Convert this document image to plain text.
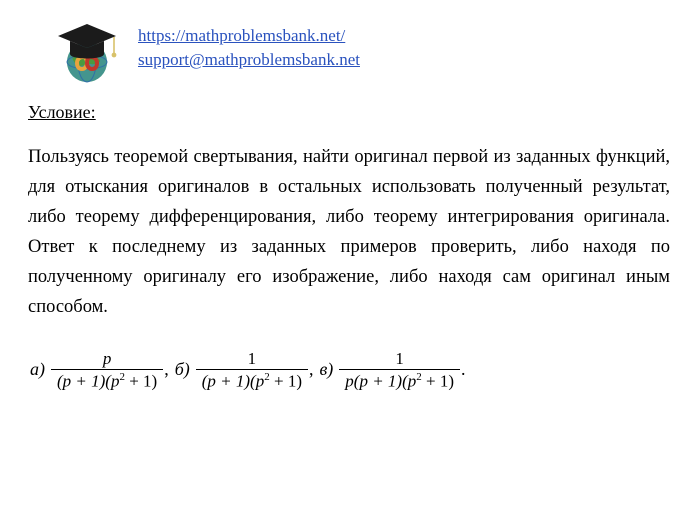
https://mathproblemsbank.net/
support@mathproblemsbank.net
Условие:
Пользуясь теоремой свертывания, найти оригинал первой из заданных функций, для отыскания оригиналов в остальных использовать полученный результат, либо теорему дифференцирования, либо теорему интегрирования оригинала. Ответ к последнему из заданных примеров проверить, либо находя по полученному оригиналу его изображение, либо находя сам оригинал иным способом.
$а) \frac{p}{(p + 1)(p^2 + 1)}$ , $б) \frac{1}{(p + 1)(p^2 + 1)}$ , $в) \frac{1}{p(p + 1)(p^2 + 1)}$ .
